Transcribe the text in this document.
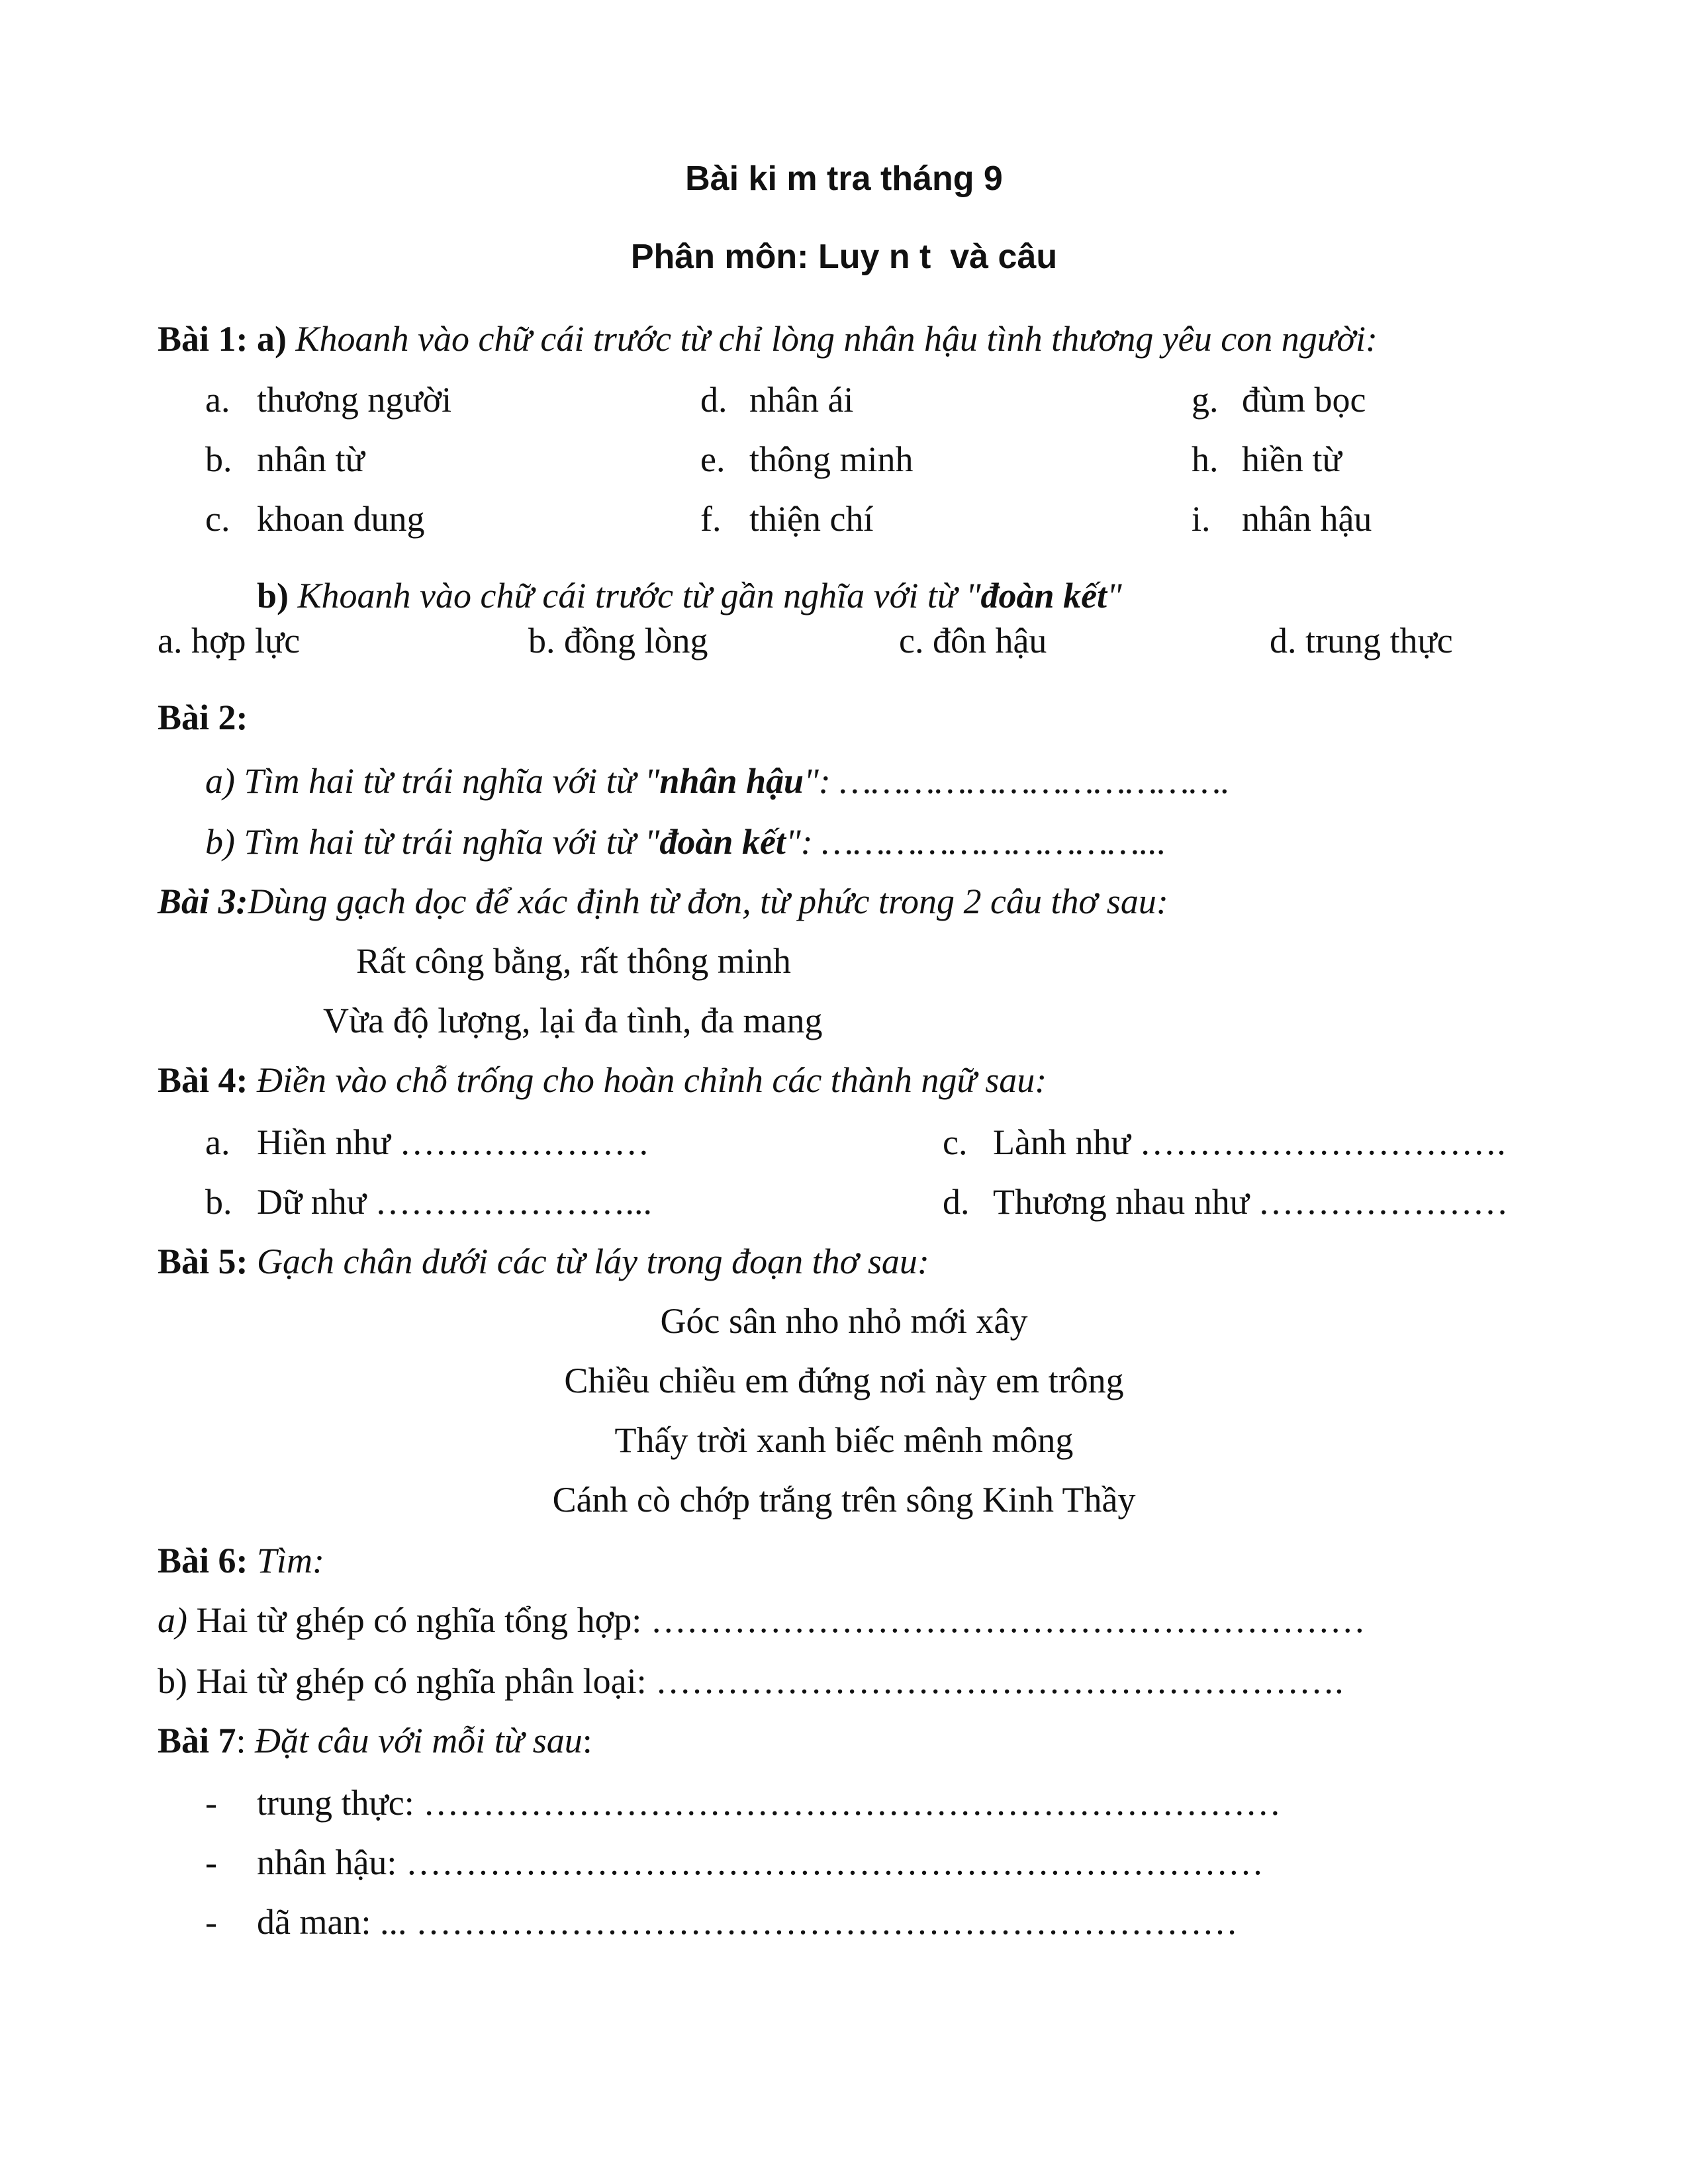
Bài ki m tra tháng 9
Phân môn: Luy n t  và câu
Bài 1: a) Khoanh vào chữ cái trước từ chỉ lòng nhân hậu tình thương yêu con người:
a. thương người	d. nhân ái	g. đùm bọc
b. nhân từ	e. thông minh	h. hiền từ
c. khoan dung	f. thiện chí	i. nhân hậu
b) Khoanh vào chữ cái trước từ gần nghĩa với từ "đoàn kết"
a. hợp lực	b. đồng lòng	c. đôn hậu	d. trung thực
Bài 2:
a) Tìm hai từ trái nghĩa với từ "nhân hậu": ……………………………….
b) Tìm hai từ trái nghĩa với từ "đoàn kết": …………………………...
Bài 3:Dùng gạch dọc để xác định từ đơn, từ phức trong 2 câu thơ sau:
Rất công bằng, rất thông minh
Vừa độ lượng, lại đa tình, đa mang
Bài 4: Điền vào chỗ trống cho hoàn chỉnh các thành ngữ sau:
a. Hiền như …………………	c. Lành như ………………………….
b. Dữ như …………………...	d. Thương nhau như …………………
Bài 5: Gạch chân dưới các từ láy trong đoạn thơ sau:
Góc sân nho nhỏ mới xây
Chiều chiều em đứng nơi này em trông
Thấy trời xanh biếc mênh mông
Cánh cò chớp trắng trên sông Kinh Thầy
Bài 6: Tìm:
a) Hai từ ghép có nghĩa tổng hợp: ……………………………………………………
b) Hai từ ghép có nghĩa phân loại: ………………………………………………….
Bài 7: Đặt câu với mỗi từ sau:
- trung thực: ………………………………………………………………
- nhân hậu: ………………………………………………………………
- dã man: ... ……………………………………………………………
